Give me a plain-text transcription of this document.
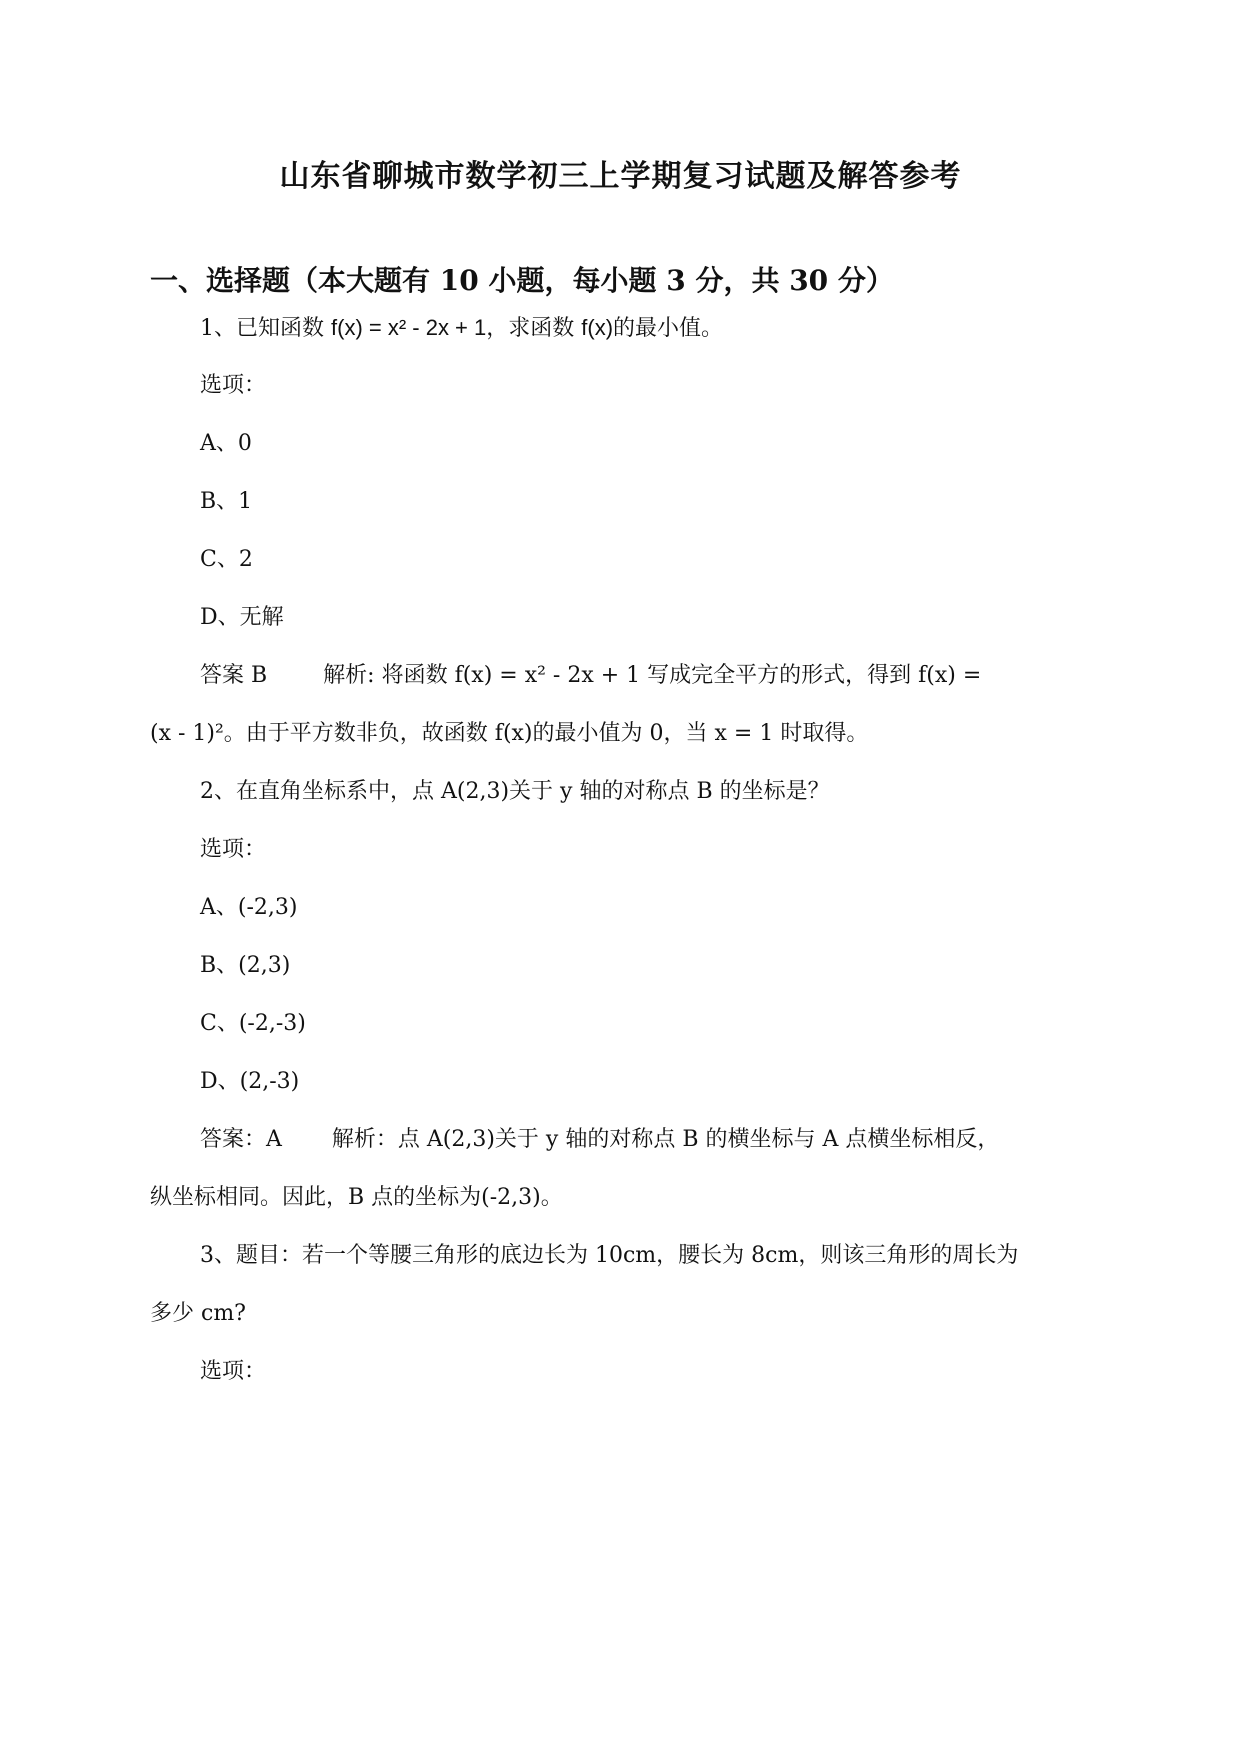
山东省聊城市数学初三上学期复习试题及解答参考
一、选择题（本大题有 10 小题，每小题 3 分，共 30 分）
1、已知函数 f(x) = x² - 2x + 1，求函数 f(x)的最小值。
选项：
A、0
B、1
C、2
D、无解
答案 B	解析: 将函数 f(x) = x² - 2x + 1 写成完全平方的形式，得到 f(x) =
(x - 1)²。由于平方数非负，故函数 f(x)的最小值为 0，当 x = 1 时取得。
2、在直角坐标系中，点 A(2,3)关于 y 轴的对称点 B 的坐标是？
选项：
A、(-2,3)
B、(2,3)
C、(-2,-3)
D、(2,-3)
答案：A 解析：点 A(2,3)关于 y 轴的对称点 B 的横坐标与 A 点横坐标相反，
纵坐标相同。因此，B 点的坐标为(-2,3)。
3、题目：若一个等腰三角形的底边长为 10cm，腰长为 8cm，则该三角形的周长为
多少 cm?
选项：
